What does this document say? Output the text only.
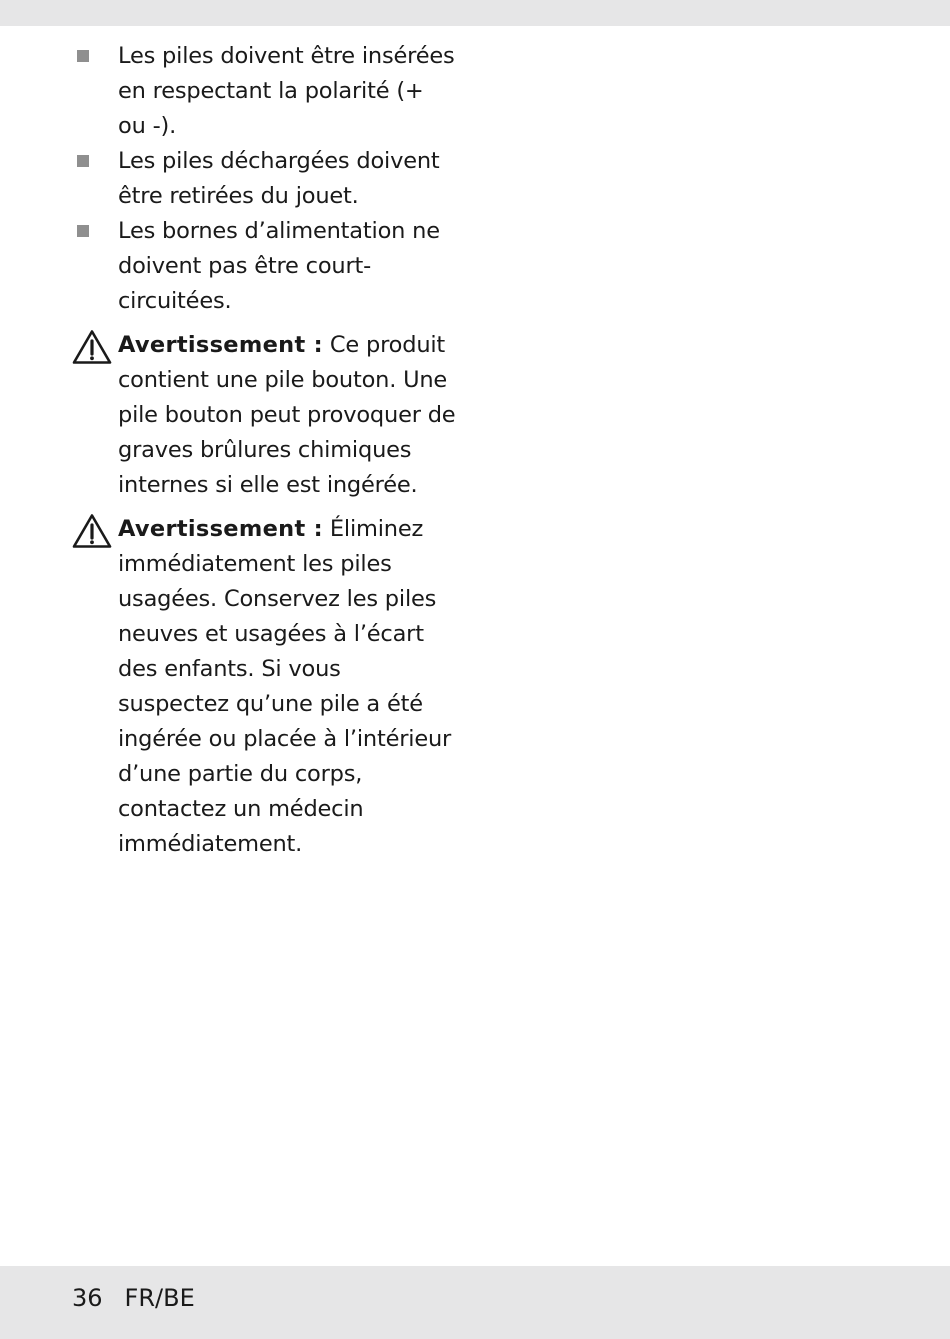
Les piles doivent être insérées en respectant la polarité (+ ou -).
Les piles déchargées doivent être retirées du jouet.
Les bornes d’alimentation ne doivent pas être court-circuitées.
Avertissement : Ce produit contient une pile bouton. Une pile bouton peut provoquer de graves brûlures chimiques internes si elle est ingérée.
Avertissement : Éliminez immédiatement les piles usagées. Conservez les piles neuves et usagées à l’écart des enfants. Si vous suspectez qu’une pile a été ingérée ou placée à l’intérieur d’une partie du corps, contactez un médecin immédiatement.
36 FR/BE
